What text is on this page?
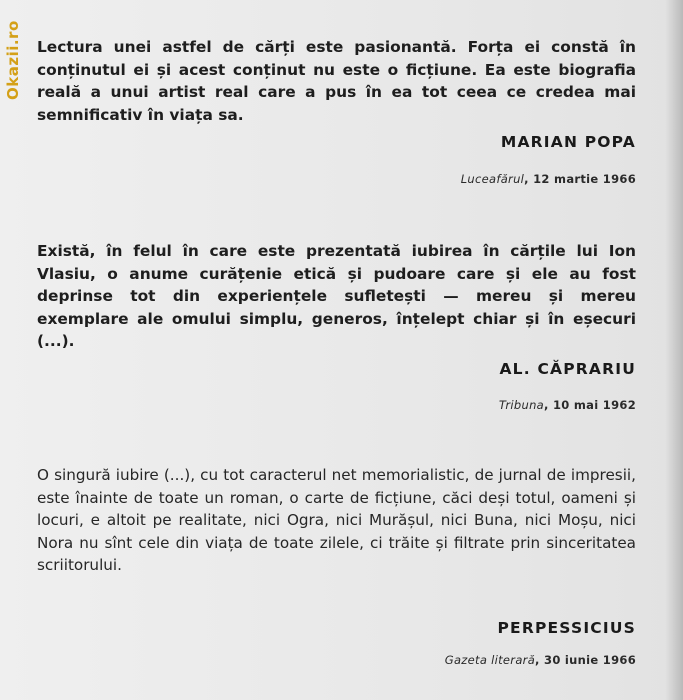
Okazii.ro Lectura unei astfel de cărți este pasionantă. Forța ei constă în conținutul ei și acest conținut nu este o ficțiune. Ea este biografia reală a unui artist real care a pus în ea tot ceea ce credea mai semnificativ în viața sa.
MARIAN POPA
Luceafărul, 12 martie 1966
Există, în felul în care este prezentată iubirea în cărțile lui Ion Vlasiu, o anume curățenie etică și pudoare care și ele au fost deprinse tot din experiențele sufletești — mereu și mereu exemplare ale omului simplu, generos, înțelept chiar și în eșecuri (...).
AL. CĂPRARIU
Tribuna, 10 mai 1962
O singură iubire (...), cu tot caracterul net memorialistic, de jurnal de impresii, este înainte de toate un roman, o carte de ficțiune, căci deși totul, oameni și locuri, e altoit pe realitate, nici Ogra, nici Murășul, nici Buna, nici Moșu, nici Nora nu sînt cele din viața de toate zilele, ci trăite și filtrate prin sinceritatea scriitorului.
PERPESSICIUS
Gazeta literară, 30 iunie 1966
